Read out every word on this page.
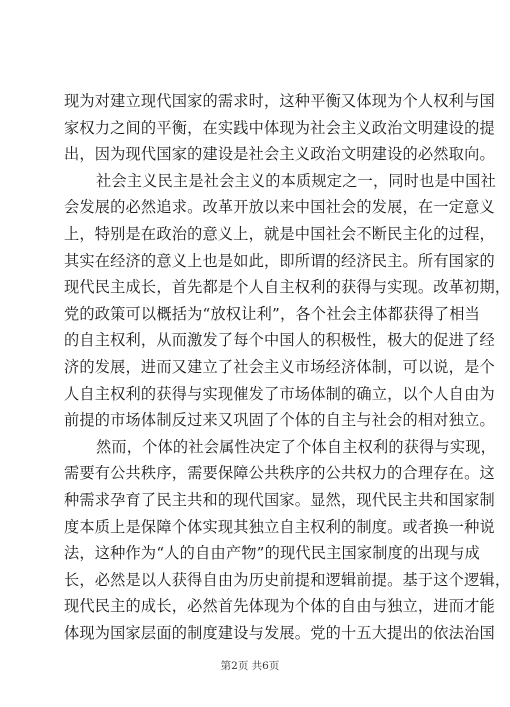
现为对建立现代国家的需求时，这种平衡又体现为个人权利与国
家权力之间的平衡，在实践中体现为社会主义政治文明建设的提
出，因为现代国家的建设是社会主义政治文明建设的必然取向。
社会主义民主是社会主义的本质规定之一，同时也是中国社
会发展的必然追求。改革开放以来中国社会的发展，在一定意义
上，特别是在政治的意义上，就是中国社会不断民主化的过程，
其实在经济的意义上也是如此，即所谓的经济民主。所有国家的
现代民主成长，首先都是个人自主权利的获得与实现。改革初期，
党的政策可以概括为“放权让利”，各个社会主体都获得了相当
的自主权利，从而激发了每个中国人的积极性，极大的促进了经
济的发展，进而又建立了社会主义市场经济体制，可以说，是个
人自主权利的获得与实现催发了市场体制的确立，以个人自由为
前提的市场体制反过来又巩固了个体的自主与社会的相对独立。
然而，个体的社会属性决定了个体自主权利的获得与实现，
需要有公共秩序，需要保障公共秩序的公共权力的合理存在。这
种需求孕育了民主共和的现代国家。显然，现代民主共和国家制
度本质上是保障个体实现其独立自主权利的制度。或者换一种说
法，这种作为“人的自由产物”的现代民主国家制度的出现与成
长，必然是以人获得自由为历史前提和逻辑前提。基于这个逻辑，
现代民主的成长，必然首先体现为个体的自由与独立，进而才能
体现为国家层面的制度建设与发展。党的十五大提出的依法治国
第2页 共6页
